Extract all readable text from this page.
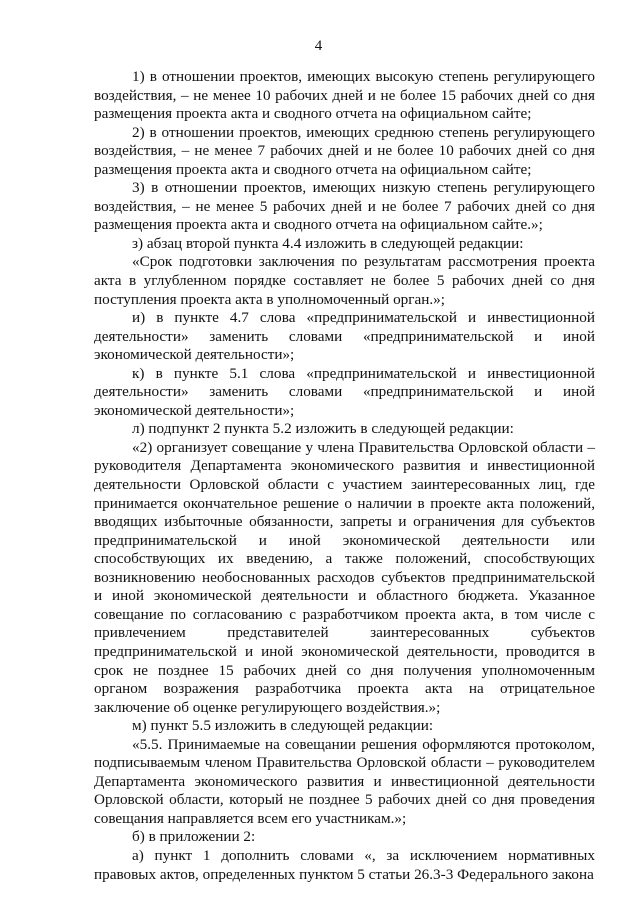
4

1) в отношении проектов, имеющих высокую степень регулирующего воздействия, – не менее 10 рабочих дней и не более 15 рабочих дней со дня размещения проекта акта и сводного отчета на официальном сайте;

2) в отношении проектов, имеющих среднюю степень регулирующего воздействия, – не менее 7 рабочих дней и не более 10 рабочих дней со дня размещения проекта акта и сводного отчета на официальном сайте;

3) в отношении проектов, имеющих низкую степень регулирующего воздействия, – не менее 5 рабочих дней и не более 7 рабочих дней со дня размещения проекта акта и сводного отчета на официальном сайте.»;

з) абзац второй пункта 4.4 изложить в следующей редакции:

«Срок подготовки заключения по результатам рассмотрения проекта акта в углубленном порядке составляет не более 5 рабочих дней со дня поступления проекта акта в уполномоченный орган.»;

и) в пункте 4.7 слова «предпринимательской и инвестиционной деятельности» заменить словами «предпринимательской и иной экономической деятельности»;

к) в пункте 5.1 слова «предпринимательской и инвестиционной деятельности» заменить словами «предпринимательской и иной экономической деятельности»;

л) подпункт 2 пункта 5.2 изложить в следующей редакции:

«2) организует совещание у члена Правительства Орловской области – руководителя Департамента экономического развития и инвестиционной деятельности Орловской области с участием заинтересованных лиц, где принимается окончательное решение о наличии в проекте акта положений, вводящих избыточные обязанности, запреты и ограничения для субъектов предпринимательской и иной экономической деятельности или способствующих их введению, а также положений, способствующих возникновению необоснованных расходов субъектов предпринимательской и иной экономической деятельности и областного бюджета. Указанное совещание по согласованию с разработчиком проекта акта, в том числе с привлечением представителей заинтересованных субъектов предпринимательской и иной экономической деятельности, проводится в срок не позднее 15 рабочих дней со дня получения уполномоченным органом возражения разработчика проекта акта на отрицательное заключение об оценке регулирующего воздействия.»;

м) пункт 5.5 изложить в следующей редакции:

«5.5. Принимаемые на совещании решения оформляются протоколом, подписываемым членом Правительства Орловской области – руководителем Департамента экономического развития и инвестиционной деятельности Орловской области, который не позднее 5 рабочих дней со дня проведения совещания направляется всем его участникам.»;

б) в приложении 2:

а) пункт 1 дополнить словами «, за исключением нормативных правовых актов, определенных пунктом 5 статьи 26.3-3 Федерального закона
